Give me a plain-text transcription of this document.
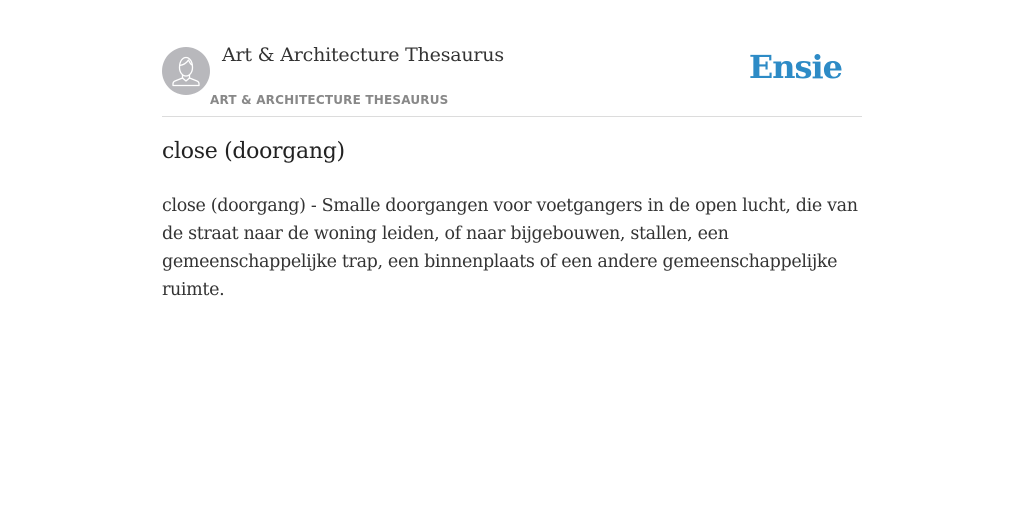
Art & Architecture Thesaurus
ART & ARCHITECTURE THESAURUS
Ensie
close (doorgang)

close (doorgang) - Smalle doorgangen voor voetgangers in de open lucht, die van de straat naar de woning leiden, of naar bijgebouwen, stallen, een gemeenschappelijke trap, een binnenplaats of een andere gemeenschappelijke ruimte.
